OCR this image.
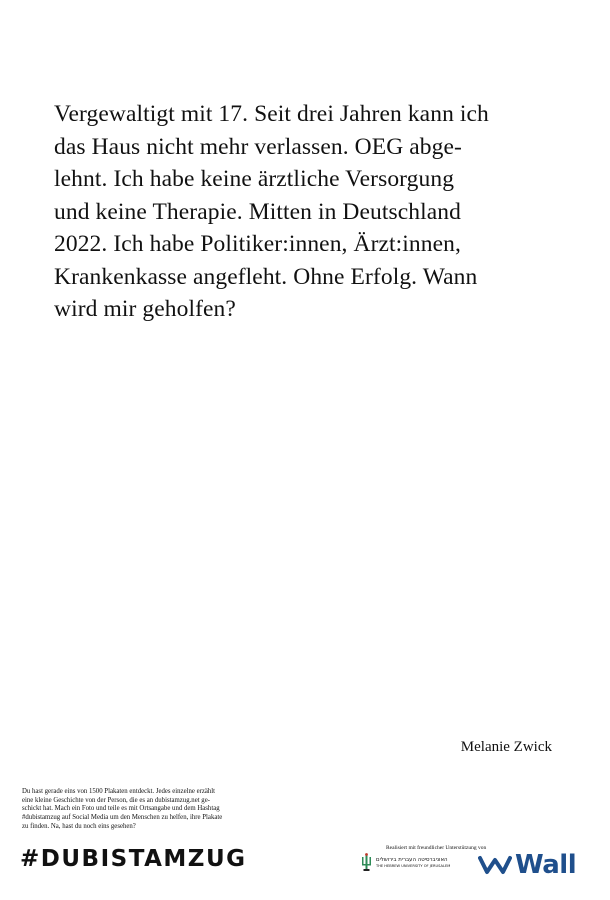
Vergewaltigt mit 17. Seit drei Jahren kann ich
das Haus nicht mehr verlassen. OEG abge-
lehnt. Ich habe keine ärztliche Versorgung
und keine Therapie. Mitten in Deutschland
2022. Ich habe Politiker:innen, Ärzt:innen,
Krankenkasse angefleht. Ohne Erfolg. Wann
wird mir geholfen?

Melanie Zwick
Du hast gerade eins von 1500 Plakaten entdeckt. Jedes einzelne erzählt
eine kleine Geschichte von der Person, die es an dubistamzug.net ge-
schickt hat. Mach ein Foto und teile es mit Ortsangabe und dem Hashtag
#dubistamzug auf Social Media um den Menschen zu helfen, ihre Plakate
zu finden. Na, hast du noch eins gesehen?
#DUBISTAMZUG	Realisiert mit freundlicher Unterstützung von
האוניברסיטה העברית בירושלים
THE HEBREW UNIVERSITY OF JERUSALEM Wall
